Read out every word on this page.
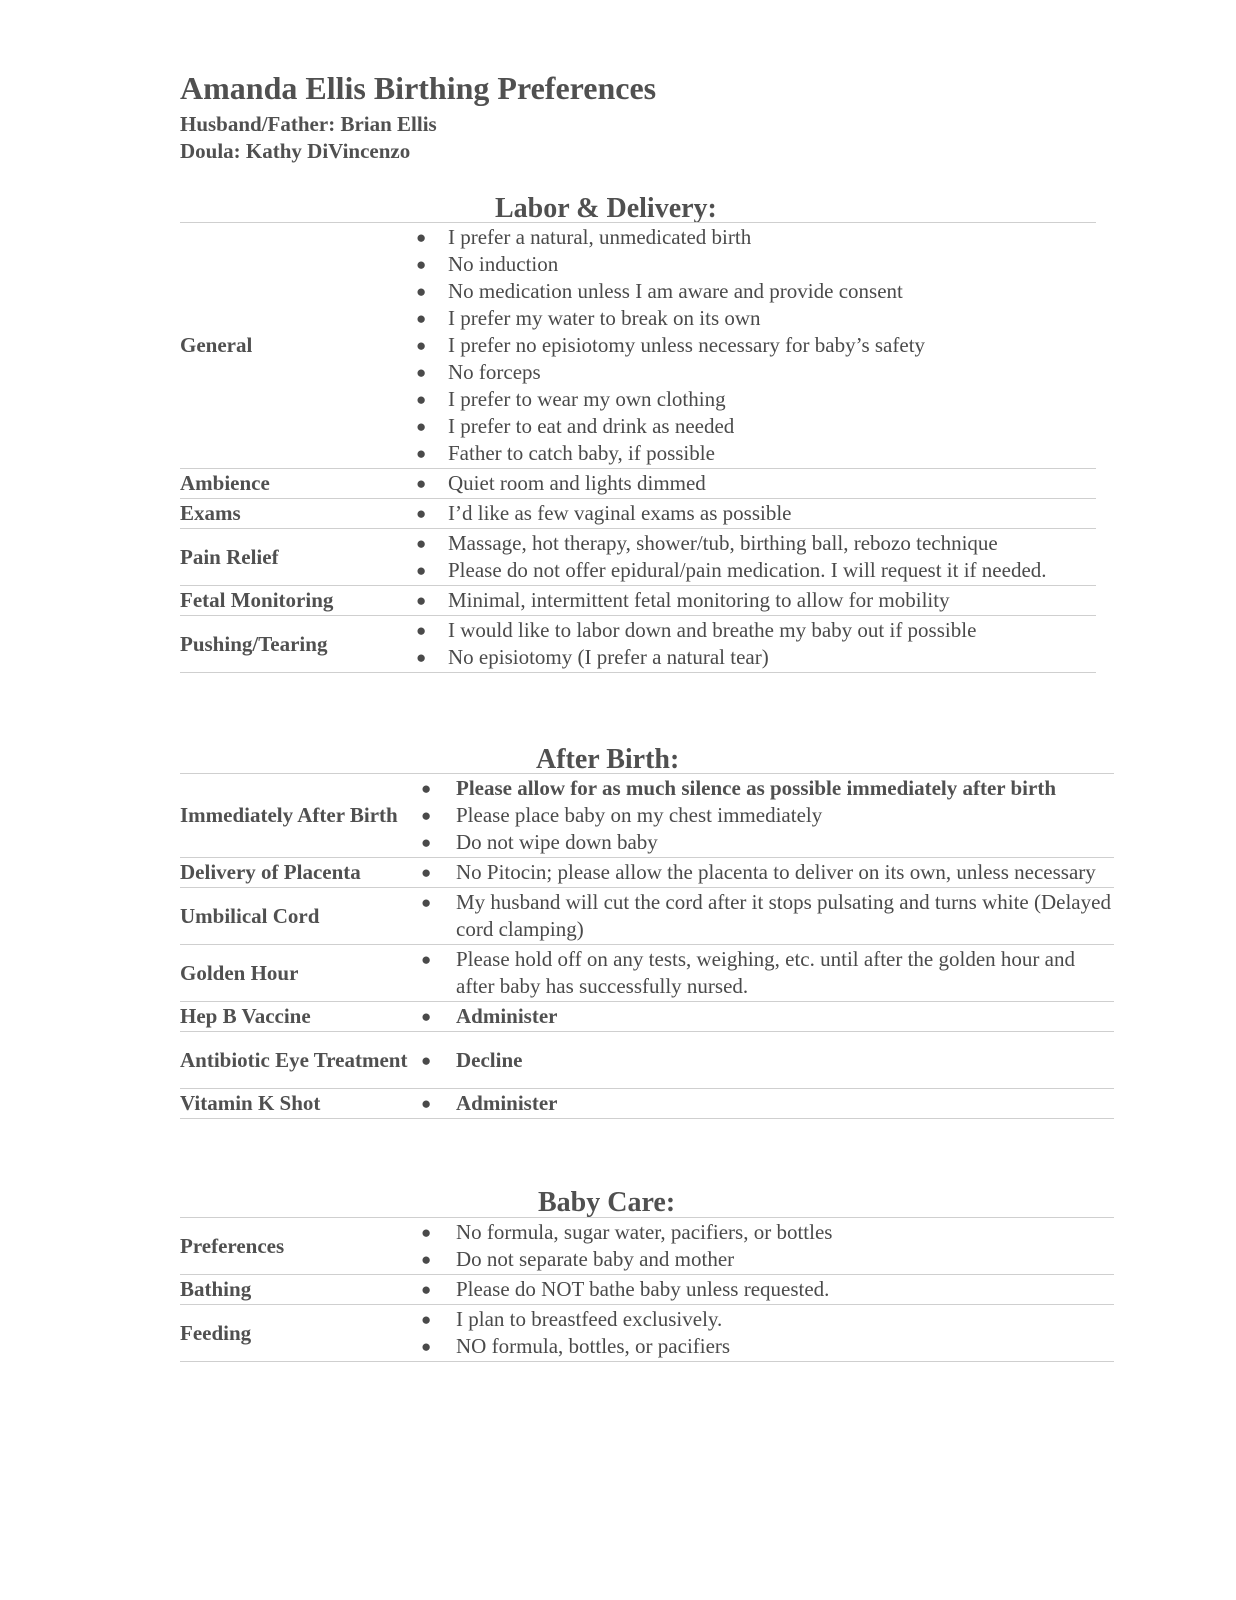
Amanda Ellis Birthing Preferences
Husband/Father: Brian Ellis
Doula: Kathy DiVincenzo
Labor & Delivery:
General
● I prefer a natural, unmedicated birth
● No induction
● No medication unless I am aware and provide consent
● I prefer my water to break on its own
● I prefer no episiotomy unless necessary for baby’s safety
● No forceps
● I prefer to wear my own clothing
● I prefer to eat and drink as needed
● Father to catch baby, if possible
Ambience	● Quiet room and lights dimmed
Exams	● I’d like as few vaginal exams as possible
Pain Relief
● Massage, hot therapy, shower/tub, birthing ball, rebozo technique
● Please do not offer epidural/pain medication. I will request it if needed.
Fetal Monitoring	● Minimal, intermittent fetal monitoring to allow for mobility
Pushing/Tearing
● I would like to labor down and breathe my baby out if possible
● No episiotomy (I prefer a natural tear)
After Birth:
Immediately After Birth
● Please allow for as much silence as possible immediately after birth
● Please place baby on my chest immediately
● Do not wipe down baby
Delivery of Placenta	● No Pitocin; please allow the placenta to deliver on its own, unless necessary
Umbilical Cord
● My husband will cut the cord after it stops pulsating and turns white (Delayed cord clamping)
Golden Hour
● Please hold off on any tests, weighing, etc. until after the golden hour and after baby has successfully nursed.
Hep B Vaccine	● Administer
Antibiotic Eye Treatment ● Decline
Vitamin K Shot	● Administer
Baby Care:
Preferences
● No formula, sugar water, pacifiers, or bottles
● Do not separate baby and mother
Bathing	● Please do NOT bathe baby unless requested.
Feeding
● I plan to breastfeed exclusively.
● NO formula, bottles, or pacifiers
